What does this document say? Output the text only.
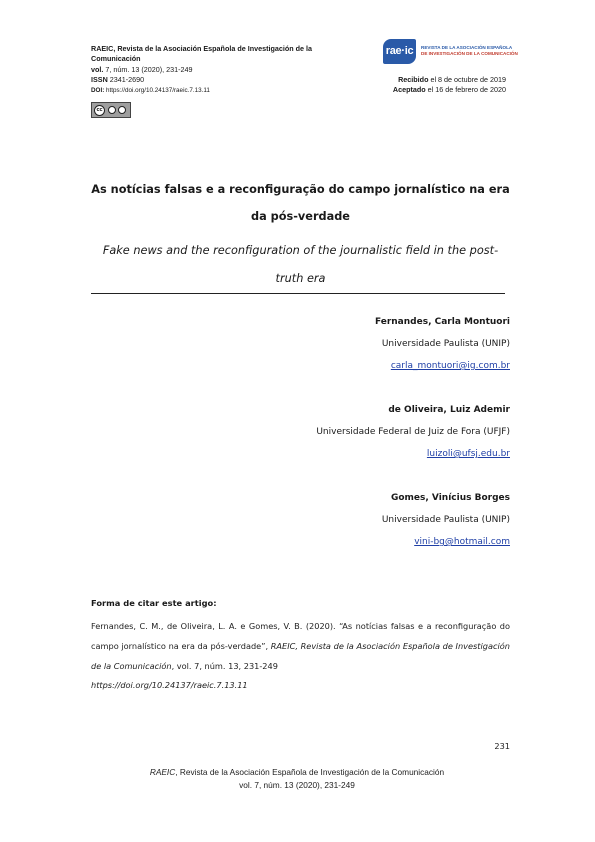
RAEIC, Revista de la Asociación Española de Investigación de la Comunicación
vol. 7, núm. 13 (2020), 231-249
ISSN 2341-2690
DOI: https://doi.org/10.24137/raeic.7.13.11
cc
rae·ic	REVISTA DE LA ASOCIACIÓN ESPAÑOLA
DE INVESTIGACIÓN DE LA COMUNICACIÓN
Recibido el 8 de octubre de 2019
Aceptado el 16 de febrero de 2020
As notícias falsas e a reconfiguração do campo jornalístico na era da pós-verdade
Fake news and the reconfiguration of the journalistic field in the post-truth era
Fernandes, Carla Montuori
Universidade Paulista (UNIP)
carla_montuori@ig.com.br
de Oliveira, Luiz Ademir
Universidade Federal de Juiz de Fora (UFJF)
luizoli@ufsj.edu.br
Gomes, Vinícius Borges
Universidade Paulista (UNIP)
vini-bg@hotmail.com
Forma de citar este artigo:
Fernandes, C. M., de Oliveira, L. A. e Gomes, V. B. (2020). “As notícias falsas e a reconfiguração do campo jornalístico na era da pós-verdade”, RAEIC, Revista de la Asociación Española de Investigación de la Comunicación, vol. 7, núm. 13, 231-249
https://doi.org/10.24137/raeic.7.13.11
231
RAEIC, Revista de la Asociación Española de Investigación de la Comunicación
vol. 7, núm. 13 (2020), 231-249
